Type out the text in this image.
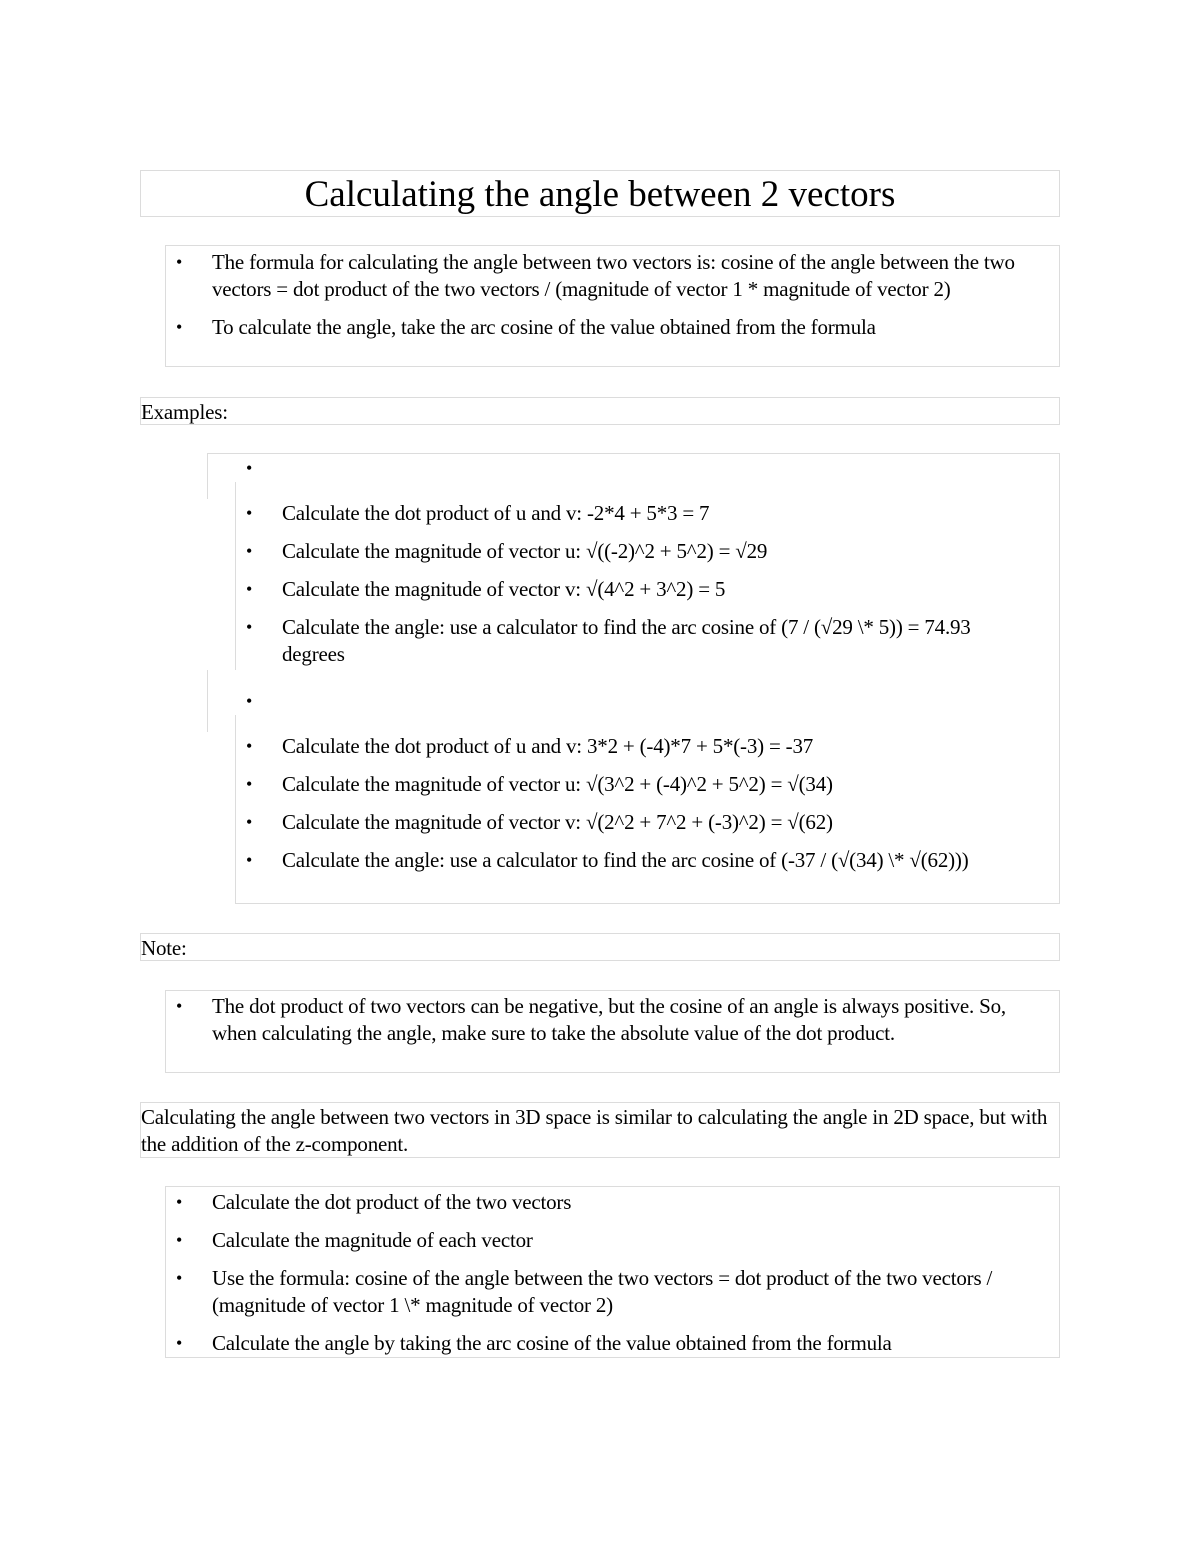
Calculating the angle between 2 vectors
• The formula for calculating the angle between two vectors is: cosine of the angle between the two vectors = dot product of the two vectors / (magnitude of vector 1 * magnitude of vector 2)
• To calculate the angle, take the arc cosine of the value obtained from the formula
Examples:
•
• Calculate the dot product of u and v: -2*4 + 5*3 = 7
• Calculate the magnitude of vector u: √((-2)^2 + 5^2) = √29
• Calculate the magnitude of vector v: √(4^2 + 3^2) = 5
• Calculate the angle: use a calculator to find the arc cosine of (7 / (√29 \* 5)) = 74.93 degrees
•
• Calculate the dot product of u and v: 3*2 + (-4)*7 + 5*(-3) = -37
• Calculate the magnitude of vector u: √(3^2 + (-4)^2 + 5^2) = √(34)
• Calculate the magnitude of vector v: √(2^2 + 7^2 + (-3)^2) = √(62)
• Calculate the angle: use a calculator to find the arc cosine of (-37 / (√(34) \* √(62)))
Note:
• The dot product of two vectors can be negative, but the cosine of an angle is always positive. So, when calculating the angle, make sure to take the absolute value of the dot product.
Calculating the angle between two vectors in 3D space is similar to calculating the angle in 2D space, but with the addition of the z-component.
• Calculate the dot product of the two vectors
• Calculate the magnitude of each vector
• Use the formula: cosine of the angle between the two vectors = dot product of the two vectors / (magnitude of vector 1 \* magnitude of vector 2)
• Calculate the angle by taking the arc cosine of the value obtained from the formula
